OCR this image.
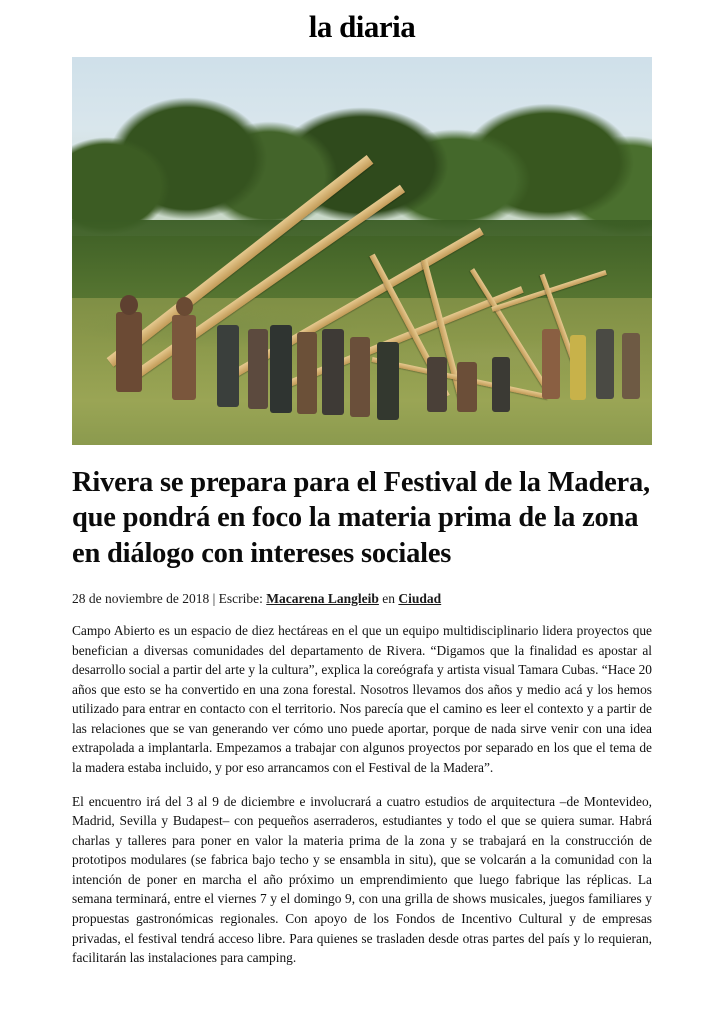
la diaria
Rivera se prepara para el Festival de la Madera, que pondrá en foco la materia prima de la zona en diálogo con intereses sociales
28 de noviembre de 2018 | Escribe: Macarena Langleib en Ciudad

Campo Abierto es un espacio de diez hectáreas en el que un equipo multidisciplinario lidera proyectos que benefician a diversas comunidades del departamento de Rivera. “Digamos que la finalidad es apostar al desarrollo social a partir del arte y la cultura”, explica la coreógrafa y artista visual Tamara Cubas. “Hace 20 años que esto se ha convertido en una zona forestal. Nosotros llevamos dos años y medio acá y los hemos utilizado para entrar en contacto con el territorio. Nos parecía que el camino es leer el contexto y a partir de las relaciones que se van generando ver cómo uno puede aportar, porque de nada sirve venir con una idea extrapolada a implantarla. Empezamos a trabajar con algunos proyectos por separado en los que el tema de la madera estaba incluido, y por eso arrancamos con el Festival de la Madera”.

El encuentro irá del 3 al 9 de diciembre e involucrará a cuatro estudios de arquitectura –de Montevideo, Madrid, Sevilla y Budapest– con pequeños aserraderos, estudiantes y todo el que se quiera sumar. Habrá charlas y talleres para poner en valor la materia prima de la zona y se trabajará en la construcción de prototipos modulares (se fabrica bajo techo y se ensambla in situ), que se volcarán a la comunidad con la intención de poner en marcha el año próximo un emprendimiento que luego fabrique las réplicas. La semana terminará, entre el viernes 7 y el domingo 9, con una grilla de shows musicales, juegos familiares y propuestas gastronómicas regionales. Con apoyo de los Fondos de Incentivo Cultural y de empresas privadas, el festival tendrá acceso libre. Para quienes se trasladen desde otras partes del país y lo requieran, facilitarán las instalaciones para camping.
